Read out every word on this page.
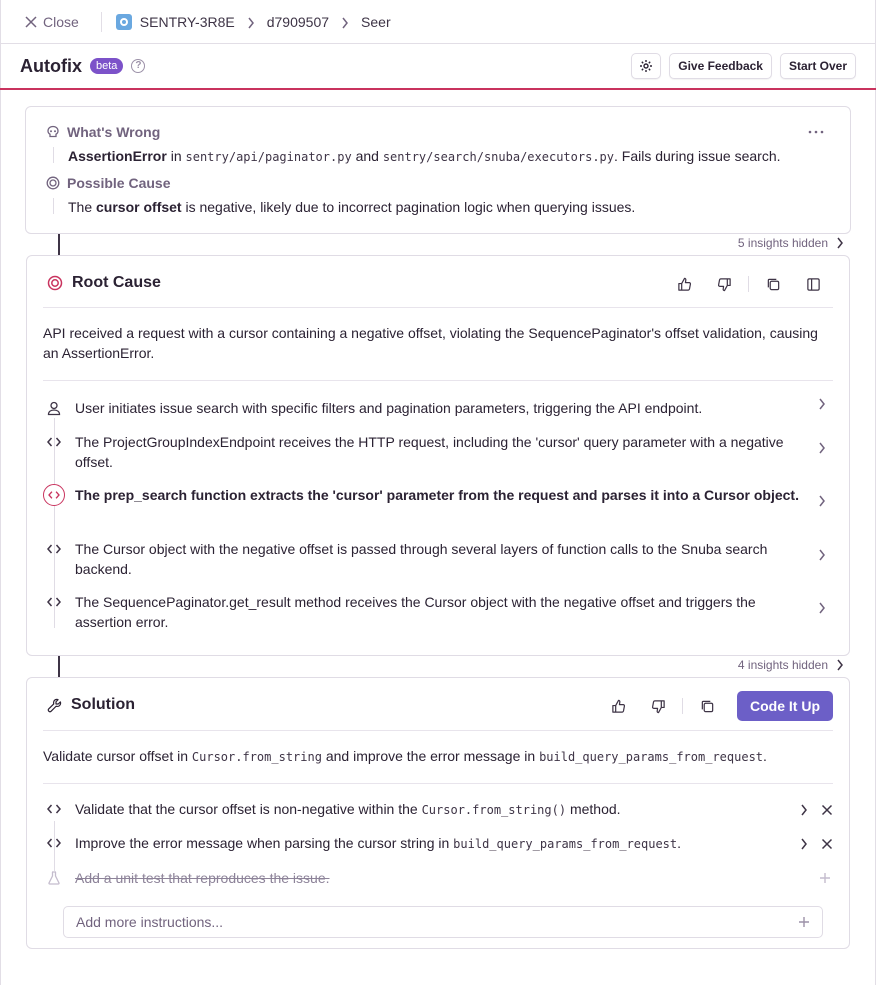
Close	SENTRY-3R8E d7909507 Seer
Autofix	beta	?	Give Feedback	Start Over
What's Wrong
AssertionError in sentry/api/paginator.py and sentry/search/snuba/executors.py. Fails during issue search.
Possible Cause
The cursor offset is negative, likely due to incorrect pagination logic when querying issues.
5 insights hidden
Root Cause
API received a request with a cursor containing a negative offset, violating the SequencePaginator's offset validation, causing an AssertionError.
User initiates issue search with specific filters and pagination parameters, triggering the API endpoint.
The ProjectGroupIndexEndpoint receives the HTTP request, including the 'cursor' query parameter with a negative offset.
The prep_search function extracts the 'cursor' parameter from the request and parses it into a Cursor object.
The Cursor object with the negative offset is passed through several layers of function calls to the Snuba search backend.
The SequencePaginator.get_result method receives the Cursor object with the negative offset and triggers the assertion error.
4 insights hidden
Solution	Code It Up
Validate cursor offset in Cursor.from_string and improve the error message in build_query_params_from_request.
Validate that the cursor offset is non-negative within the Cursor.from_string() method.
Improve the error message when parsing the cursor string in build_query_params_from_request.
Add a unit test that reproduces the issue.
Add more instructions...
